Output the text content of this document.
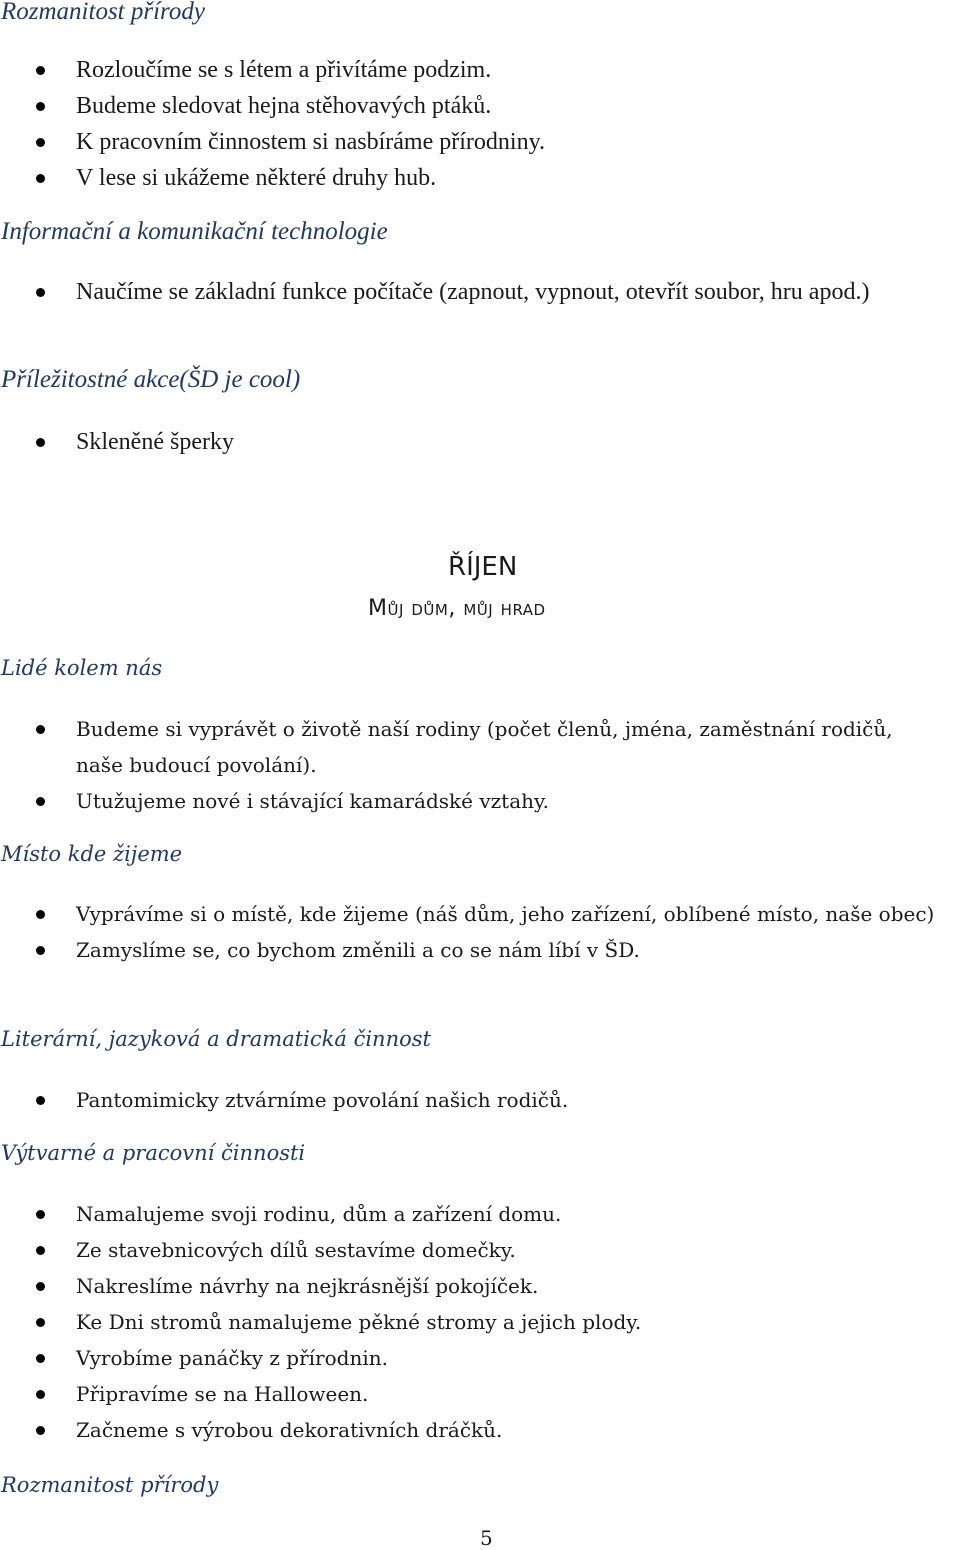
Rozmanitost přírody
Rozloučíme se s létem a přivítáme podzim.
Budeme sledovat hejna stěhovavých ptáků.
K pracovním činnostem si nasbíráme přírodniny.
V lese si ukážeme některé druhy hub.
Informační a komunikační technologie
Naučíme se základní funkce počítače (zapnout, vypnout, otevřít soubor, hru apod.)
Příležitostné akce(ŠD je cool)
Skleněné šperky
ŘÍJEN
Můj dům, můj hrad
Lidé kolem nás
Budeme si vyprávět o životě naší rodiny (počet členů, jména, zaměstnání rodičů, naše budoucí povolání).
Utužujeme nové i stávající kamarádské vztahy.
Místo kde žijeme
Vyprávíme si o místě, kde žijeme (náš dům, jeho zařízení, oblíbené místo, naše obec)
Zamyslíme se, co bychom změnili a co se nám líbí v ŠD.
Literární, jazyková a dramatická činnost
Pantomimicky ztvárníme povolání našich rodičů.
Výtvarné a pracovní činnosti
Namalujeme svoji rodinu, dům a zařízení domu.
Ze stavebnicových dílů sestavíme domečky.
Nakreslíme návrhy na nejkrásnější pokojíček.
Ke Dni stromů namalujeme pěkné stromy a jejich plody.
Vyrobíme panáčky z přírodnin.
Připravíme se na Halloween.
Začneme s výrobou dekorativních dráčků.
Rozmanitost přírody
5
